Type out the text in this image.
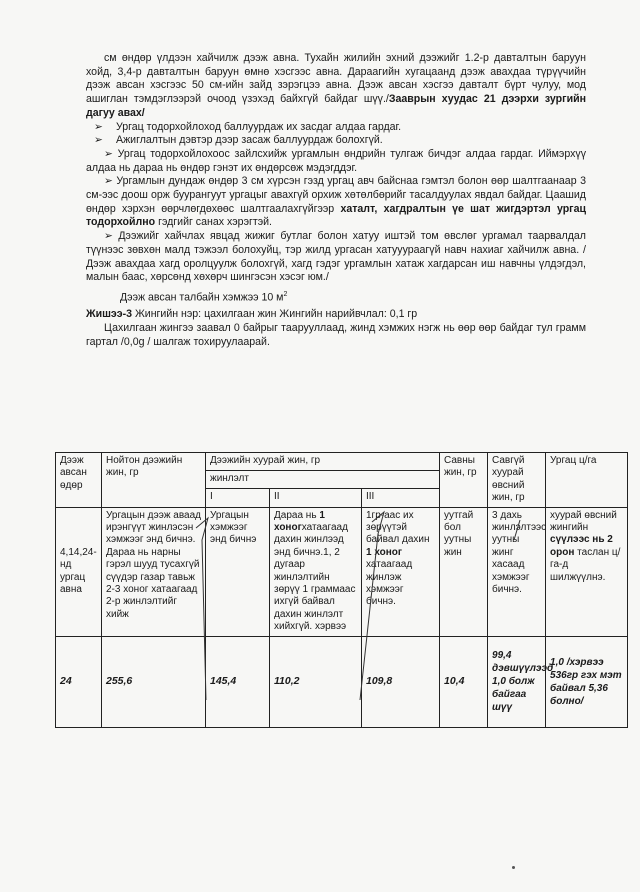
см өндөр үлдээн хайчилж дээж авна. Тухайн жилийн эхний дээжийг 1.2-р давталтын баруун хойд, 3,4-р давталтын баруун өмнө хэсгээс авна. Дараагийн хугацаанд дээж авахдаа түрүүчийн дээж авсан хэсгээс 50 см-ийн зайд зэрэгцээ авна. Дээж авсан хэсгээ давталт бүрт чулуу, мод ашиглан тэмдэглээрэй очоод үзэхэд байхгүй байдаг шүү./Зааврын хуудас 21 дээрхи зургийн дагуу авах/

➢	Ургац тодорхойлоход баллуурдаж их засдаг алдаа гардаг.
➢	Ажиглалтын дэвтэр дээр засаж баллуурдаж болохгүй.

➢ Ургац тодорхойлохоос зайлсхийж ургамлын өндрийн тулгаж бичдэг алдаа гардаг. Иймэрхүү алдаа нь дараа нь өндөр гэнэт их өндөрсөж мэдэгддэг.

➢ Ургамлын дундаж өндөр 3 см хүрсэн гэзд ургац авч байснаа гэмтэл болон өөр шалтгаанаар 3 см-ээс доош орж буурангуут ургацыг авахгүй орхиж хөтөлбөрийг тасалдуулах явдал байдаг. Цаашид өндөр хэрхэн өөрчлөгдөхөөс шалтгаалахгүйгээр хаталт, хагдралтын үе шат жигдэртэл ургац тодорхойлно гэдгийг санах хэрэгтэй.

➢ Дээжийг хайчлах явцад жижиг бутлаг болон хатуу иштэй том өвслөг ургамал таарвалдал түүнээс зөвхөн малд тэжээл болохуйц, тэр жилд ургасан хатууураагүй навч нахиаг хайчилж авна. /Дээж авахдаа хагд оролцуулж болохгүй, хагд гэдэг ургамлын хатаж хагдарсан иш навчны үлдэгдэл, малын баас, хөрсөнд хөхөрч шингэсэн хэсэг юм./

Дээж авсан талбайн хэмжээ 10 $м^2$

Жишээ-3 Жингийн нэр: цахилгаан жин Жингийн нарийвчлал: 0,1 гр

Цахилгаан жингээ заавал 0 байрыг таарууллаад, жинд хэмжих нэгж нь өөр өөр байдаг тул грамм гартал /0,0g / шалгаж тохируулаарай.

Дээж авсан өдөр	Нойтон дээжийн жин, гр	Дээжийн хуурай жин, гр			Савны жин, гр	Савгүй хуурай өвсний жин, гр	Ургац ц/га
		жинлэлт					
		I	II	III			
4,14,24-нд ургац авна	Ургацын дээж аваад ирэнгүүт жинлэсэн хэмжээг энд бичнэ. Дараа нь нарны гэрэл шууд тусахгүй сүүдэр газар тавьж 2-3 хоног хатаагаад 2-р жинлэлтийг хийж	Ургацын хэмжээг энд бичнэ	Дараа нь 1 хоногхатаагаад дахин жинлээд энд бичнэ.1, 2 дугаар жинлэлтийн зөрүү 1 граммаас ихгүй байвал дахин жинлэлт хийхгүй. хэрвээ	1гр-аас их зөрүүтэй байвал дахин 1 хоног хатаагаад жинлэж хэмжээг бичнэ.	уутгай бол уутны жин	3 дахь жинлэлтээс уутны жинг хасаад хэмжээг бичнэ.	хуурай өвсний жингийн сүүлээс нь 2 орон таслан ц/га-д шилжүүлнэ.
24	255,6	145,4	110,2	109,8	10,4	99,4 дэвшүүлээд 1,0 болж байгаа шүү	1,0 /хэрвээ 536гр гэх мэт байвал 5,36 болно/
